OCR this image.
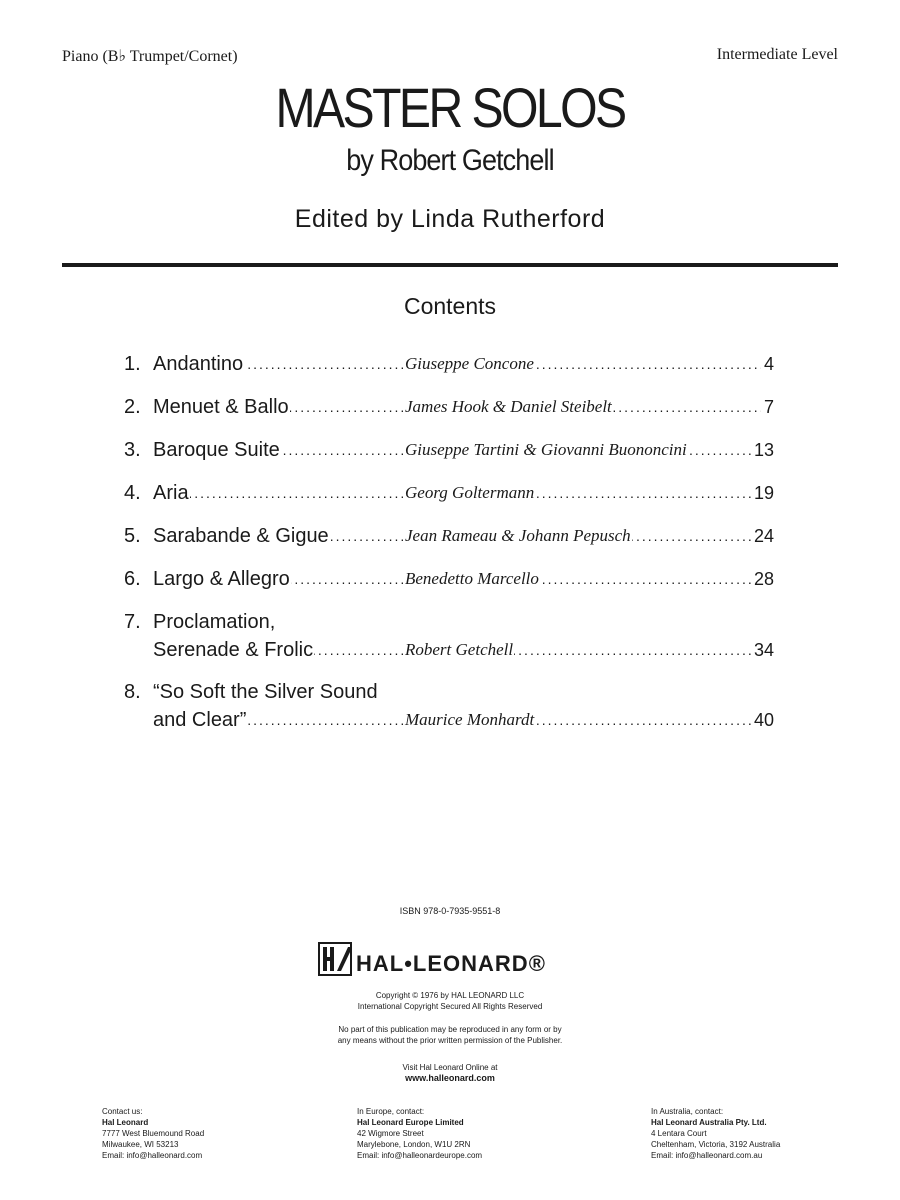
Piano (B♭ Trumpet/Cornet)	Intermediate Level
MASTER SOLOS
by Robert Getchell
Edited by Linda Rutherford
Contents
1. Andantino	Giuseppe Concone	4
2. Menuet & Ballo	James Hook & Daniel Steibelt	7
3. Baroque Suite	Giuseppe Tartini & Giovanni Buononcini	13
4. Aria	Georg Goltermann	19
5. Sarabande & Gigue	Jean Rameau & Johann Pepusch	24
6. Largo & Allegro	Benedetto Marcello	28
7. Proclamation,
Serenade & Frolic	Robert Getchell	34
8. “So Soft the Silver Sound
and Clear”	Maurice Monhardt	40
ISBN 978-0-7935-9551-8
HAL•LEONARD®
Copyright © 1976 by HAL LEONARD LLC
International Copyright Secured All Rights Reserved
No part of this publication may be reproduced in any form or by
any means without the prior written permission of the Publisher.
Visit Hal Leonard Online at
www.halleonard.com
Contact us:
Hal Leonard
7777 West Bluemound Road
Milwaukee, WI 53213
Email: info@halleonard.com
In Europe, contact:
Hal Leonard Europe Limited
42 Wigmore Street
Marylebone, London, W1U 2RN
Email: info@halleonardeurope.com
In Australia, contact:
Hal Leonard Australia Pty. Ltd.
4 Lentara Court
Cheltenham, Victoria, 3192 Australia
Email: info@halleonard.com.au
